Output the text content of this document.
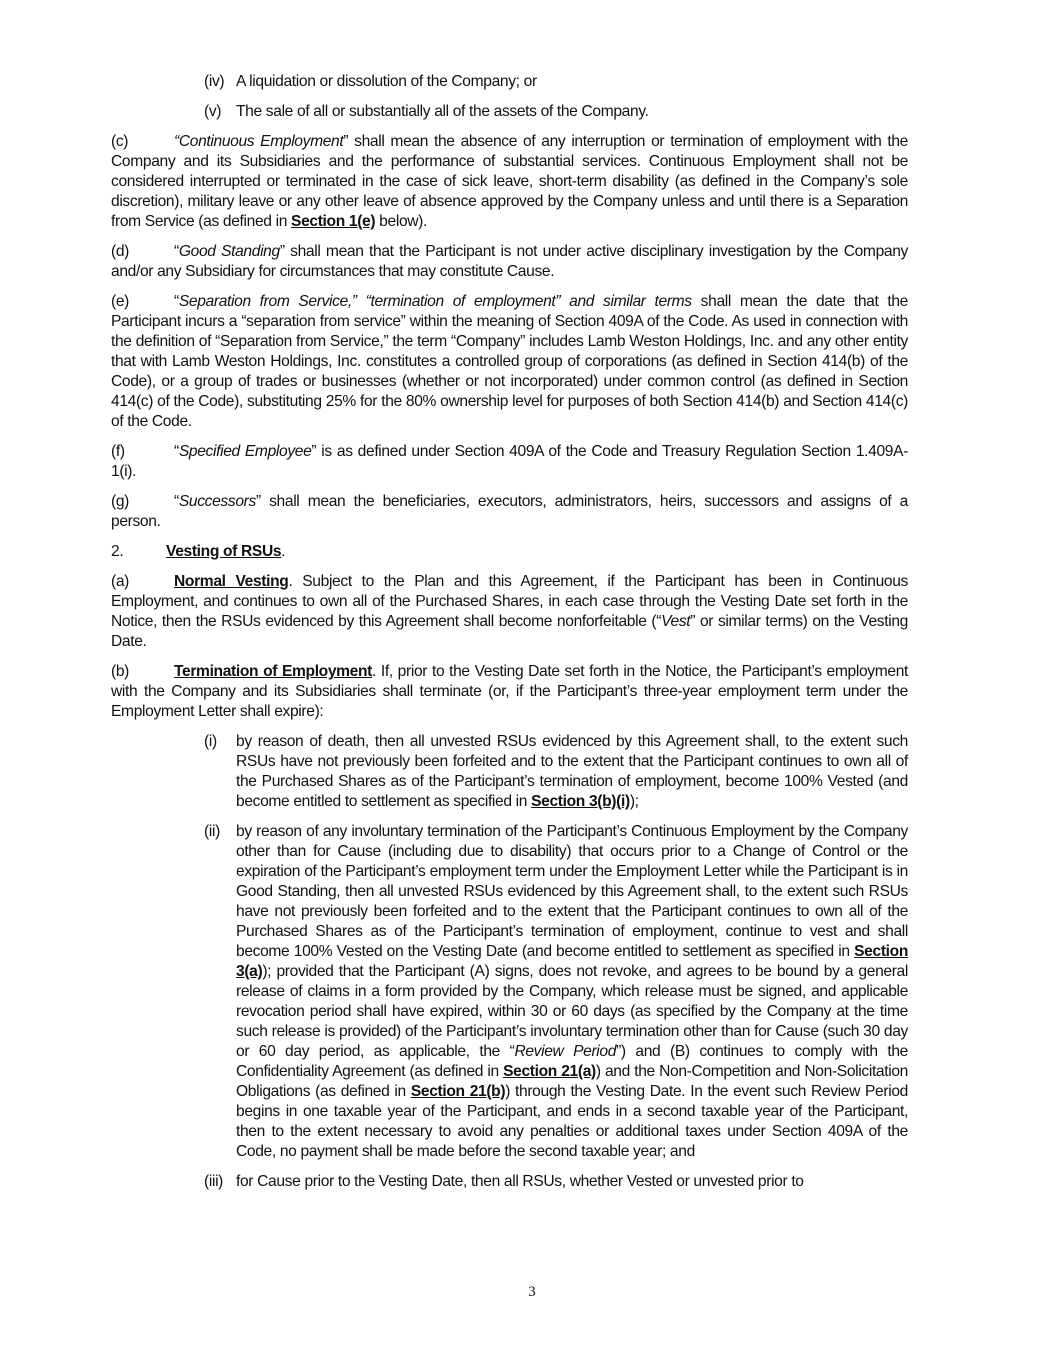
(iv) A liquidation or dissolution of the Company; or
(v) The sale of all or substantially all of the assets of the Company.

(c)	“Continuous Employment” shall mean the absence of any interruption or termination of employment with the Company and its Subsidiaries and the performance of substantial services. Continuous Employment shall not be considered interrupted or terminated in the case of sick leave, short-term disability (as defined in the Company’s sole discretion), military leave or any other leave of absence approved by the Company unless and until there is a Separation from Service (as defined in Section 1(e) below).

(d)	“Good Standing” shall mean that the Participant is not under active disciplinary investigation by the Company and/or any Subsidiary for circumstances that may constitute Cause.

(e)	“Separation from Service,” “termination of employment” and similar terms shall mean the date that the Participant incurs a “separation from service” within the meaning of Section 409A of the Code. As used in connection with the definition of “Separation from Service,” the term “Company” includes Lamb Weston Holdings, Inc. and any other entity that with Lamb Weston Holdings, Inc. constitutes a controlled group of corporations (as defined in Section 414(b) of the Code), or a group of trades or businesses (whether or not incorporated) under common control (as defined in Section 414(c) of the Code), substituting 25% for the 80% ownership level for purposes of both Section 414(b) and Section 414(c) of the Code.

(f)	“Specified Employee” is as defined under Section 409A of the Code and Treasury Regulation Section 1.409A-1(i).

(g)	“Successors” shall mean the beneficiaries, executors, administrators, heirs, successors and assigns of a person.

2.	Vesting of RSUs.

(a)	Normal Vesting. Subject to the Plan and this Agreement, if the Participant has been in Continuous Employment, and continues to own all of the Purchased Shares, in each case through the Vesting Date set forth in the Notice, then the RSUs evidenced by this Agreement shall become nonforfeitable (“Vest” or similar terms) on the Vesting Date.

(b)	Termination of Employment. If, prior to the Vesting Date set forth in the Notice, the Participant’s employment with the Company and its Subsidiaries shall terminate (or, if the Participant’s three-year employment term under the Employment Letter shall expire):

(i)	by reason of death, then all unvested RSUs evidenced by this Agreement shall, to the extent such RSUs have not previously been forfeited and to the extent that the Participant continues to own all of the Purchased Shares as of the Participant’s termination of employment, become 100% Vested (and become entitled to settlement as specified in Section 3(b)(i));
(ii)	by reason of any involuntary termination of the Participant’s Continuous Employment by the Company other than for Cause (including due to disability) that occurs prior to a Change of Control or the expiration of the Participant’s employment term under the Employment Letter while the Participant is in Good Standing, then all unvested RSUs evidenced by this Agreement shall, to the extent such RSUs have not previously been forfeited and to the extent that the Participant continues to own all of the Purchased Shares as of the Participant’s termination of employment, continue to vest and shall become 100% Vested on the Vesting Date (and become entitled to settlement as specified in Section 3(a)); provided that the Participant (A) signs, does not revoke, and agrees to be bound by a general release of claims in a form provided by the Company, which release must be signed, and applicable revocation period shall have expired, within 30 or 60 days (as specified by the Company at the time such release is provided) of the Participant’s involuntary termination other than for Cause (such 30 day or 60 day period, as applicable, the “Review Period”) and (B) continues to comply with the Confidentiality Agreement (as defined in Section 21(a)) and the Non-Competition and Non-Solicitation Obligations (as defined in Section 21(b)) through the Vesting Date. In the event such Review Period begins in one taxable year of the Participant, and ends in a second taxable year of the Participant, then to the extent necessary to avoid any penalties or additional taxes under Section 409A of the Code, no payment shall be made before the second taxable year; and
(iii) for Cause prior to the Vesting Date, then all RSUs, whether Vested or unvested prior to
3
